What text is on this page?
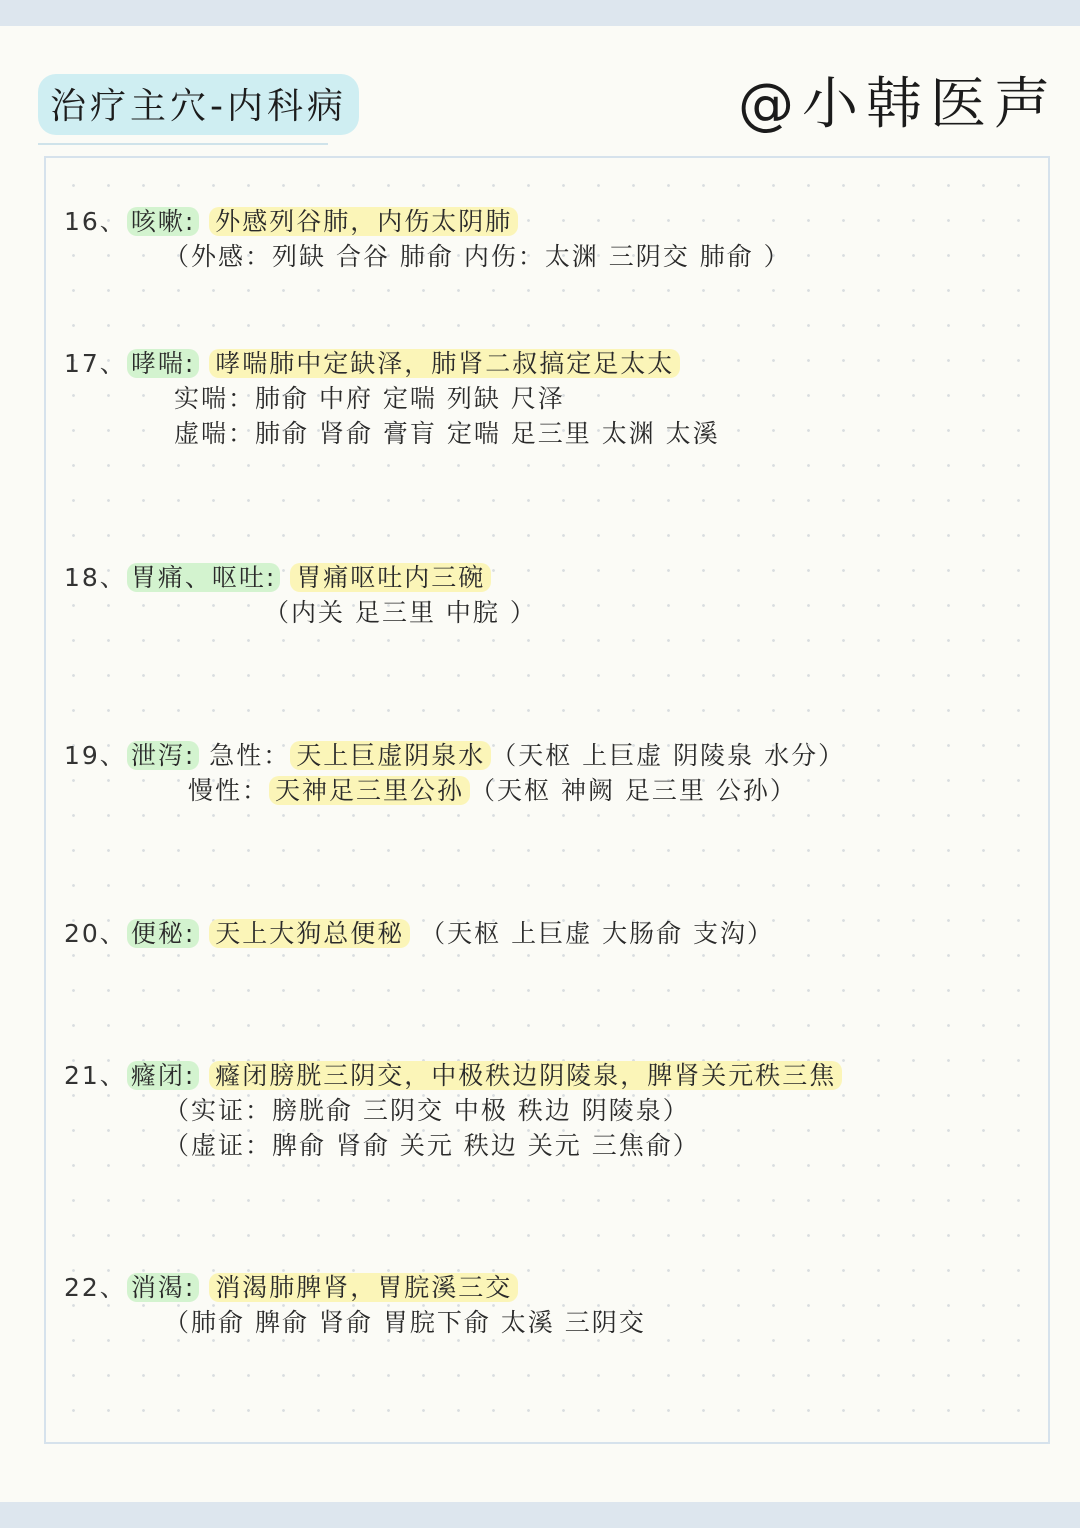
治疗主穴-内科病	@小韩医声
16、 咳嗽: 外感列谷肺，内伤太阴肺
（外感：列缺 合谷 肺俞 内伤：太渊 三阴交 肺俞 ）
17、 哮喘: 哮喘肺中定缺泽，肺肾二叔搞定足太太
实喘：肺俞 中府 定喘 列缺 尺泽
虚喘：肺俞 肾俞 膏肓 定喘 足三里 太渊 太溪
18、 胃痛、呕吐: 胃痛呕吐内三碗
（内关 足三里 中脘 ）
19、 泄泻: 急性： 天上巨虚阴泉水 （天枢 上巨虚 阴陵泉 水分）
慢性： 天神足三里公孙 （天枢 神阙 足三里 公孙）
20、 便秘: 天上大狗总便秘 （天枢 上巨虚 大肠俞 支沟）
21、 癃闭: 癃闭膀胱三阴交，中极秩边阴陵泉，脾肾关元秩三焦
（实证：膀胱俞 三阴交 中极 秩边 阴陵泉）
（虚证：脾俞 肾俞 关元 秩边 关元 三焦俞）
22、 消渴: 消渴肺脾肾，胃脘溪三交
（肺俞 脾俞 肾俞 胃脘下俞 太溪 三阴交
